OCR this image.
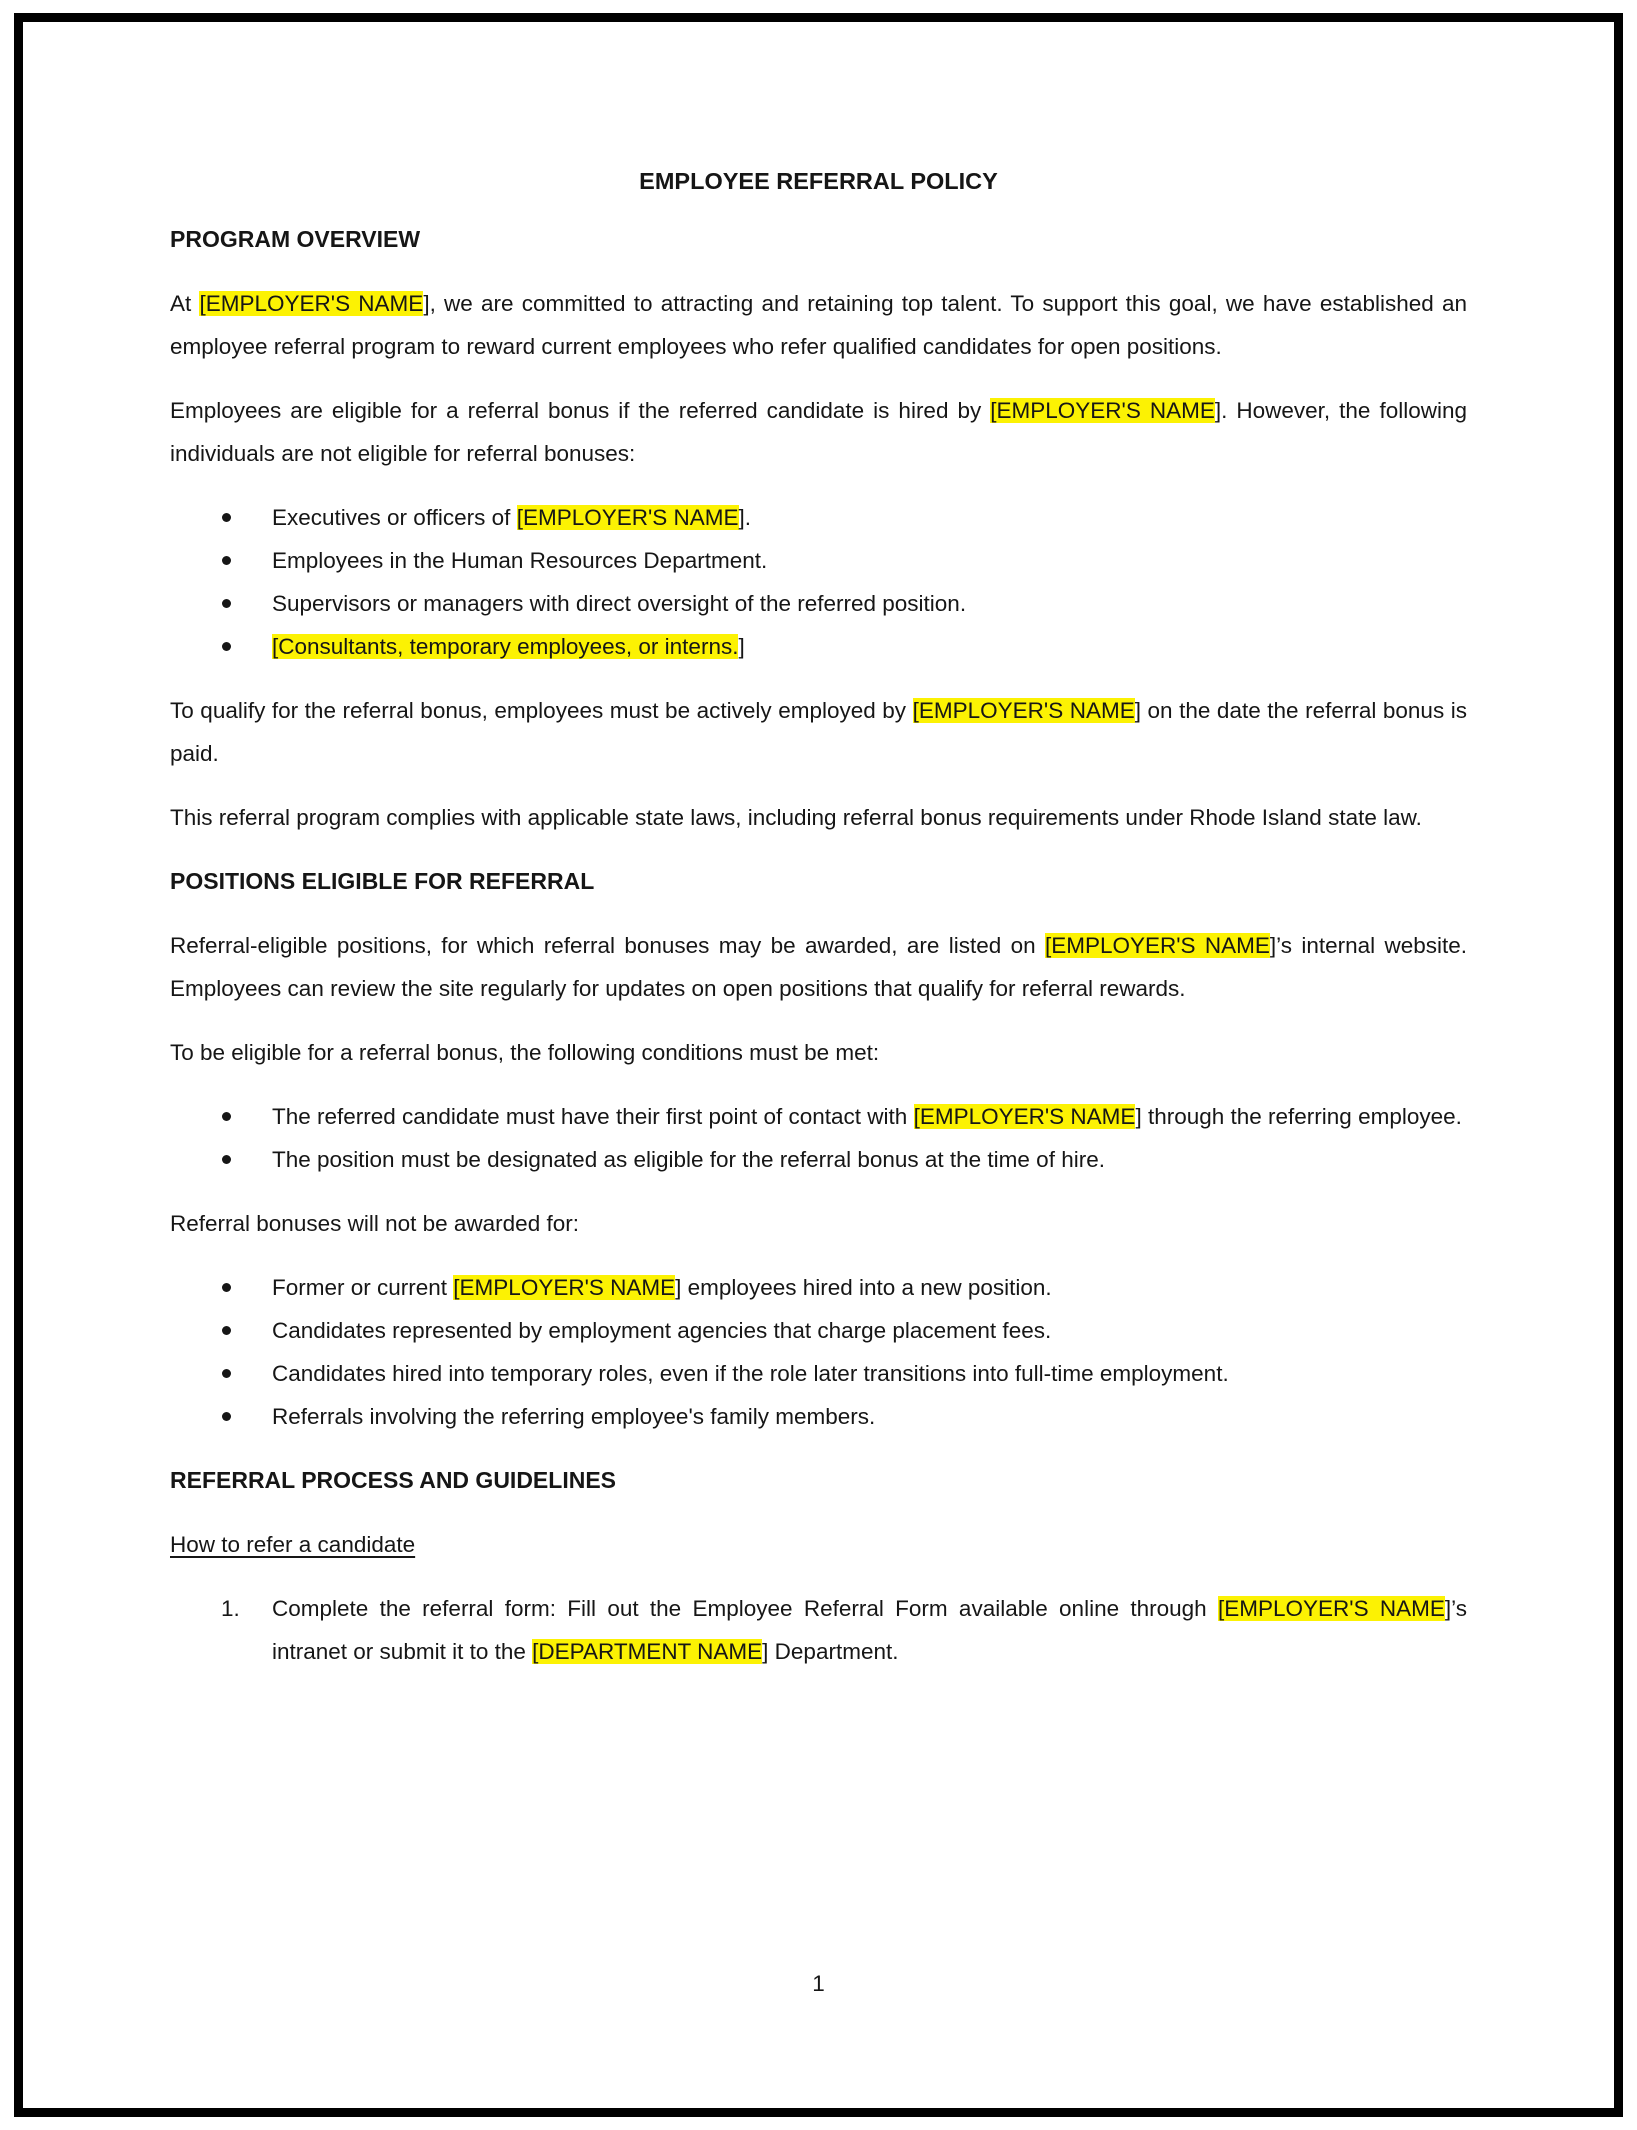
EMPLOYEE REFERRAL POLICY
PROGRAM OVERVIEW

At [EMPLOYER'S NAME], we are committed to attracting and retaining top talent. To support this goal, we have established an employee referral program to reward current employees who refer qualified candidates for open positions.

Employees are eligible for a referral bonus if the referred candidate is hired by [EMPLOYER'S NAME]. However, the following individuals are not eligible for referral bonuses:

Executives or officers of [EMPLOYER'S NAME].
Employees in the Human Resources Department.
Supervisors or managers with direct oversight of the referred position.
[Consultants, temporary employees, or interns.]

To qualify for the referral bonus, employees must be actively employed by [EMPLOYER'S NAME] on the date the referral bonus is paid.

This referral program complies with applicable state laws, including referral bonus requirements under Rhode Island state law.

POSITIONS ELIGIBLE FOR REFERRAL

Referral-eligible positions, for which referral bonuses may be awarded, are listed on [EMPLOYER'S NAME]’s internal website. Employees can review the site regularly for updates on open positions that qualify for referral rewards.

To be eligible for a referral bonus, the following conditions must be met:

The referred candidate must have their first point of contact with [EMPLOYER'S NAME] through the referring employee.
The position must be designated as eligible for the referral bonus at the time of hire.

Referral bonuses will not be awarded for:

Former or current [EMPLOYER'S NAME] employees hired into a new position.
Candidates represented by employment agencies that charge placement fees.
Candidates hired into temporary roles, even if the role later transitions into full-time employment.
Referrals involving the referring employee's family members.
REFERRAL PROCESS AND GUIDELINES
How to refer a candidate
1. Complete the referral form: Fill out the Employee Referral Form available online through [EMPLOYER'S NAME]’s intranet or submit it to the [DEPARTMENT NAME] Department.
1
